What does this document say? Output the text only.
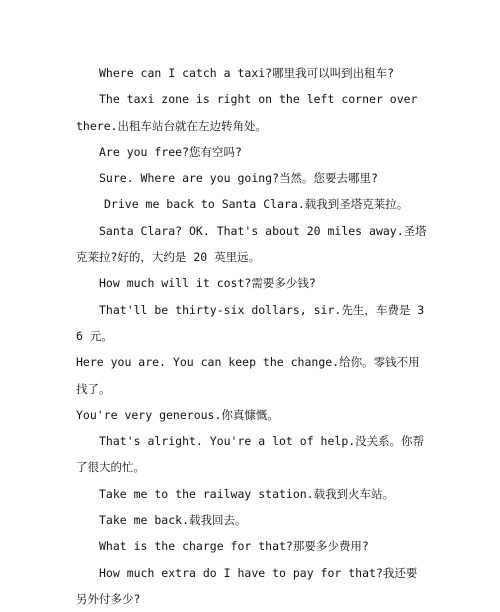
Where can I catch a taxi?哪里我可以叫到出租车?

The taxi zone is right on the left corner over there.出租车站台就在左边转角处。

Are you free?您有空吗?

Sure. Where are you going?当然。您要去哪里?

Drive me back to Santa Clara.载我到圣塔克莱拉。

Santa Clara? OK. That's about 20 miles away.圣塔克莱拉?好的，大约是 20 英里远。

How much will it cost?需要多少钱?

That'll be thirty-six dollars, sir.先生，车费是 36 元。

Here you are. You can keep the change.给你。零钱不用找了。

You're very generous.你真慷慨。

That's alright. You're a lot of help.没关系。你帮了很大的忙。

Take me to the railway station.载我到火车站。

Take me back.载我回去。

What is the charge for that?那要多少费用?

How much extra do I have to pay for that?我还要另外付多少?
